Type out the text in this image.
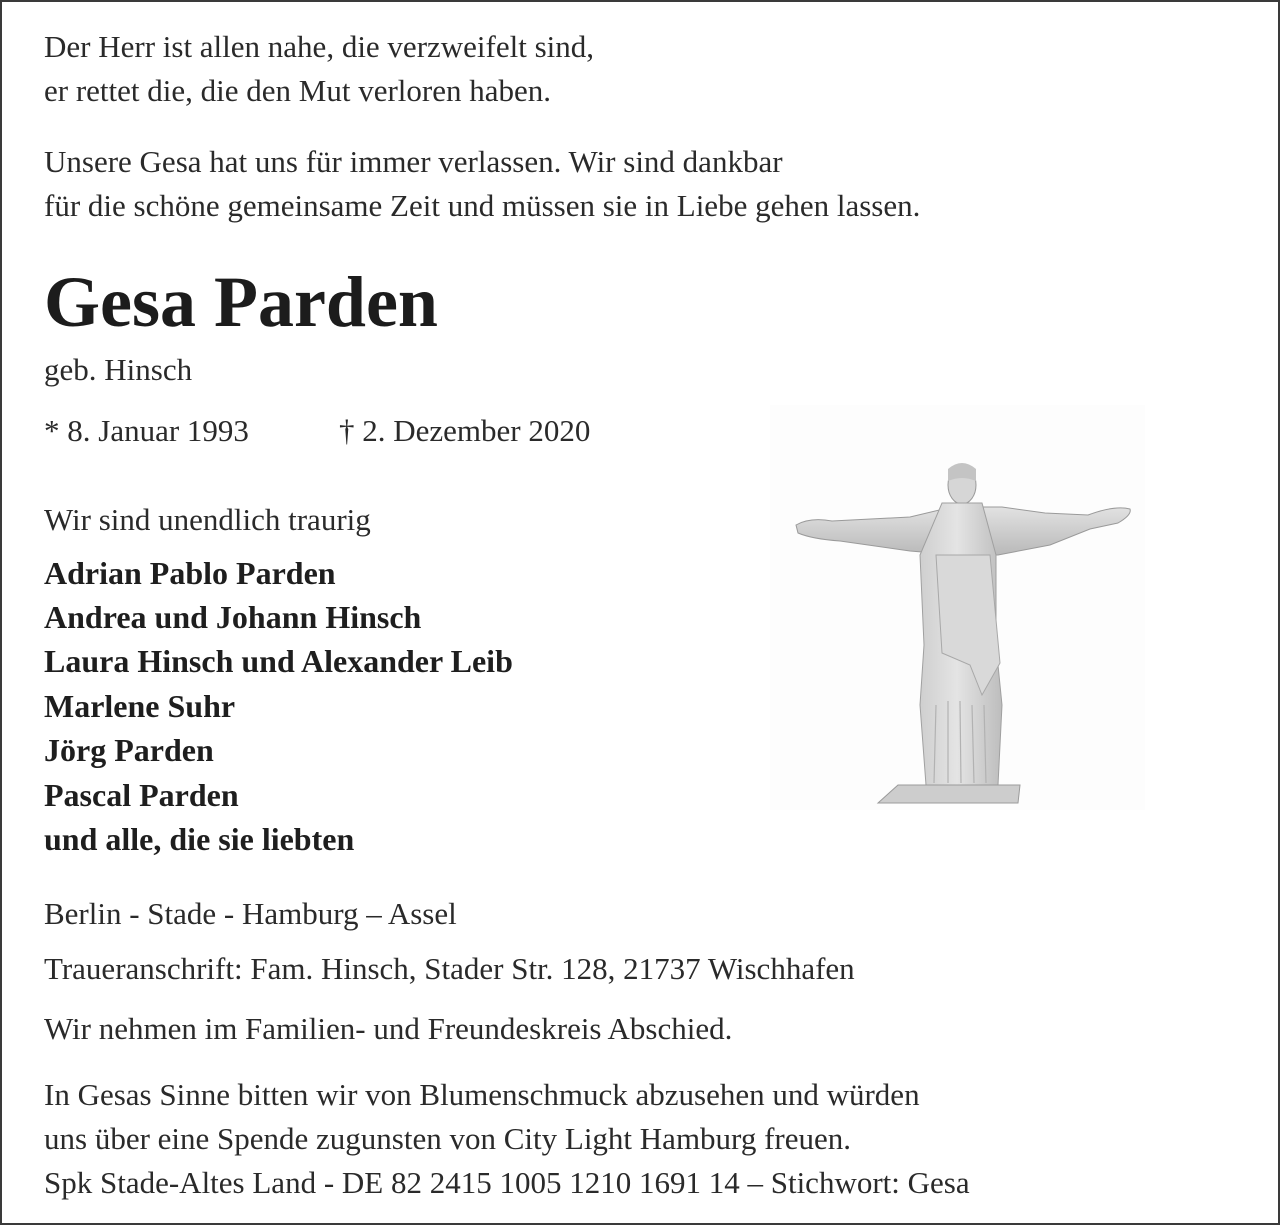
Der Herr ist allen nahe, die verzweifelt sind,

er rettet die, die den Mut verloren haben.

Unsere Gesa hat uns für immer verlassen. Wir sind dankbar

für die schöne gemeinsame Zeit und müssen sie in Liebe gehen lassen.

Gesa Parden

geb. Hinsch

* 8. Januar 1993	† 2. Dezember 2020

Wir sind unendlich traurig

Adrian Pablo Parden

Andrea und Johann Hinsch

Laura Hinsch und Alexander Leib

Marlene Suhr

Jörg Parden

Pascal Parden

und alle, die sie liebten

Berlin - Stade - Hamburg – Assel

Traueranschrift: Fam. Hinsch, Stader Str. 128, 21737 Wischhafen

Wir nehmen im Familien- und Freundeskreis Abschied.

In Gesas Sinne bitten wir von Blumenschmuck abzusehen und würden

uns über eine Spende zugunsten von City Light Hamburg freuen.

Spk Stade-Altes Land - DE 82 2415 1005 1210 1691 14 – Stichwort: Gesa
